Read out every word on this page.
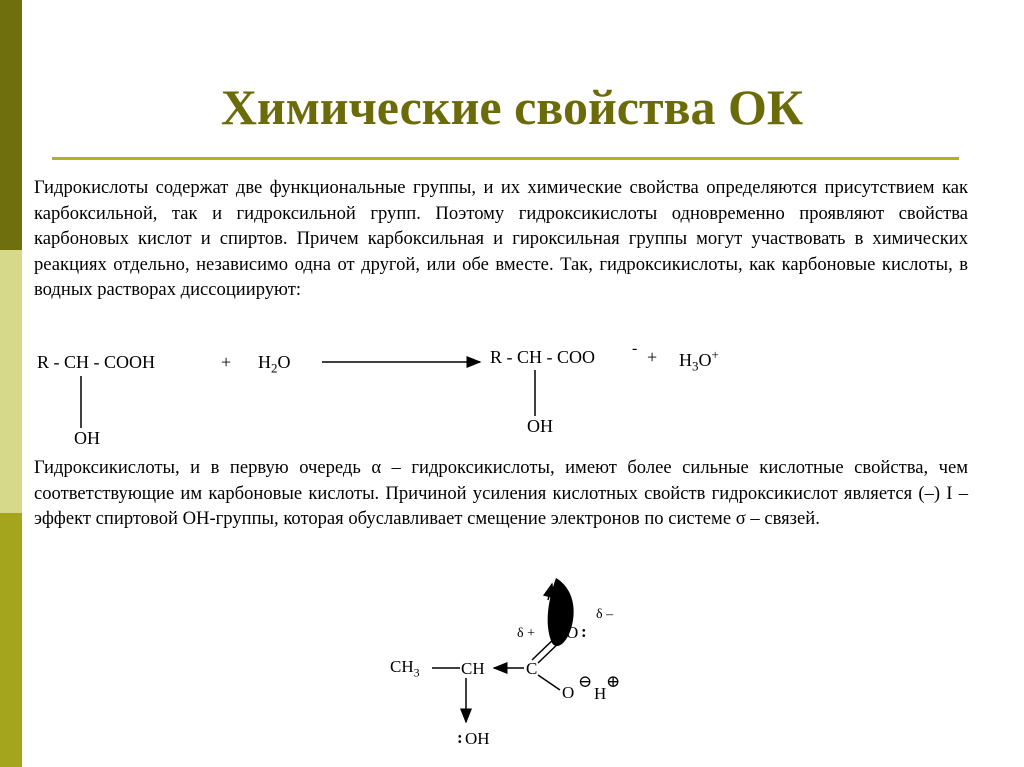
Химические свойства ОК
Гидрокислоты содержат две функциональные группы, и их химические свойства определяются присутствием как карбоксильной, так и гидроксильной групп. Поэтому гидроксикислоты одновременно проявляют свойства карбоновых кислот и спиртов. Причем карбоксильная и гироксильная группы могут участвовать в химических реакциях отдельно, независимо одна от другой, или обе вместе. Так, гидроксикислоты, как карбоновые кислоты, в водных растворах диссоциируют:
R - CH - COOH	+ $H_2O$	R - CH - COO - + $H_3O^+$
OH
OH
Гидроксикислоты, и в первую очередь α – гидроксикислоты, имеют более сильные кислотные свойства, чем соответствующие им карбоновые кислоты. Причиной усиления кислотных свойств гидроксикислот является (–) I – эффект спиртовой ОН-группы, которая обуславливает смещение электронов по системе σ – связей.
δ + O :
δ –
$CH_3$ CH C
O
⊖
H
⊕
: OH
